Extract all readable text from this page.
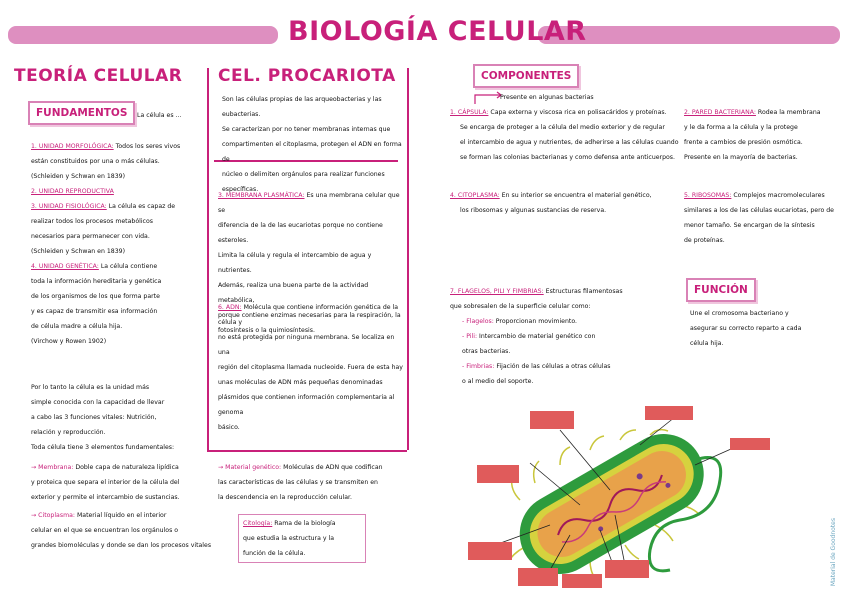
BIOLOGÍA CELULAR
TEORÍA CELULAR
FUNDAMENTOS	La célula es ...
1. UNIDAD MORFOLÓGICA: Todos los seres vivos
están constituidos por una o más células.
(Schleiden y Schwan en 1839)
2. UNIDAD REPRODUCTIVA
3. UNIDAD FISIOLÓGICA: La célula es capaz de
realizar todos los procesos metabólicos
necesarios para permanecer con vida.
(Schleiden y Schwan en 1839)
4. UNIDAD GENÉTICA: La célula contiene
toda la información hereditaria y genética
de los organismos de los que forma parte
y es capaz de transmitir esa información
de célula madre a célula hija.
(Virchow y Rowen 1902)
Por lo tanto la célula es la unidad más
simple conocida con la capacidad de llevar
a cabo las 3 funciones vitales: Nutrición,
relación y reproducción.
Toda célula tiene 3 elementos fundamentales:
→ Membrana: Doble capa de naturaleza lipídica
y proteica que separa el interior de la célula del
exterior y permite el intercambio de sustancias.
→ Citoplasma: Material líquido en el interior
celular en el que se encuentran los orgánulos o
grandes biomoléculas y donde se dan los procesos vitales
→ Material genético: Moléculas de ADN que codifican
las características de las células y se transmiten en
la descendencia en la reproducción celular.
Citología: Rama de la biología
que estudia la estructura y la
función de la célula.
CEL. PROCARIOTA
Son las células propias de las arqueobacterias y las eubacterias.
Se caracterizan por no tener membranas internas que
compartimenten el citoplasma, protegen el ADN en forma de
núcleo o delimiten orgánulos para realizar funciones específicas.
3. MEMBRANA PLASMÁTICA: Es una membrana celular que se
diferencia de la de las eucariotas porque no contiene esteroles.
Limita la célula y regula el intercambio de agua y nutrientes.
Además, realiza una buena parte de la actividad metabólica,
porque contiene enzimas necesarias para la respiración, la
fotosíntesis o la quimiosíntesis.
6. ADN: Molécula que contiene información genética de la célula y
no está protegida por ninguna membrana. Se localiza en una
región del citoplasma llamada nucleoide. Fuera de esta hay
unas moléculas de ADN más pequeñas denominadas
plásmidos que contienen información complementaria al genoma
básico.
COMPONENTES
Presente en algunas bacterias
1. CÁPSULA: Capa externa y viscosa rica en polisacáridos y proteínas.
Se encarga de proteger a la célula del medio exterior y de regular
el intercambio de agua y nutrientes, de adherirse a las células cuando
se forman las colonias bacterianas y como defensa ante anticuerpos.
2. PARED BACTERIANA: Rodea la membrana
y le da forma a la célula y la protege
frente a cambios de presión osmótica.
Presente en la mayoría de bacterias.
4. CITOPLASMA: En su interior se encuentra el material genético,
los ribosomas y algunas sustancias de reserva.
5. RIBOSOMAS: Complejos macromoleculares
similares a los de las células eucariotas, pero de
menor tamaño. Se encargan de la síntesis
de proteínas.
7. FLAGELOS, PILI Y FIMBRIAS: Estructuras filamentosas
que sobresalen de la superficie celular como:
- Flagelos: Proporcionan movimiento.
- Pili: Intercambio de material genético con
otras bacterias.
- Fimbrias: Fijación de las células a otras células
o al medio del soporte.
FUNCIÓN
Une el cromosoma bacteriano y
asegurar su correcto reparto a cada
célula hija.
Material de Goodnotes
